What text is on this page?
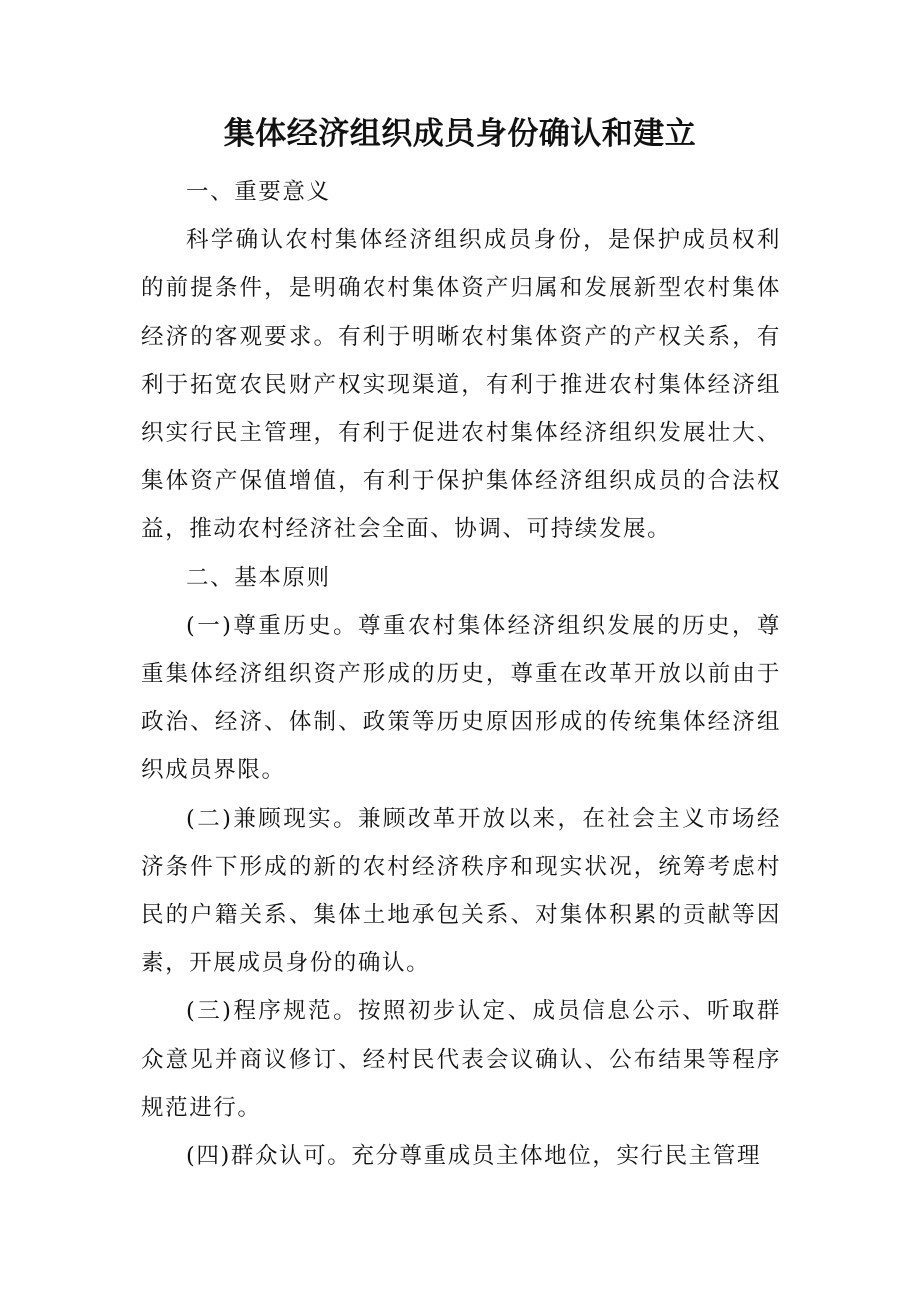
集体经济组织成员身份确认和建立

一、重要意义

科学确认农村集体经济组织成员身份，是保护成员权利的前提条件，是明确农村集体资产归属和发展新型农村集体经济的客观要求。有利于明晰农村集体资产的产权关系，有利于拓宽农民财产权实现渠道，有利于推进农村集体经济组织实行民主管理，有利于促进农村集体经济组织发展壮大、集体资产保值增值，有利于保护集体经济组织成员的合法权益，推动农村经济社会全面、协调、可持续发展。

二、基本原则

(一)尊重历史。尊重农村集体经济组织发展的历史，尊重集体经济组织资产形成的历史，尊重在改革开放以前由于政治、经济、体制、政策等历史原因形成的传统集体经济组织成员界限。

(二)兼顾现实。兼顾改革开放以来，在社会主义市场经济条件下形成的新的农村经济秩序和现实状况，统筹考虑村民的户籍关系、集体土地承包关系、对集体积累的贡献等因素，开展成员身份的确认。

(三)程序规范。按照初步认定、成员信息公示、听取群众意见并商议修订、经村民代表会议确认、公布结果等程序规范进行。

(四)群众认可。充分尊重成员主体地位，实行民主管理
